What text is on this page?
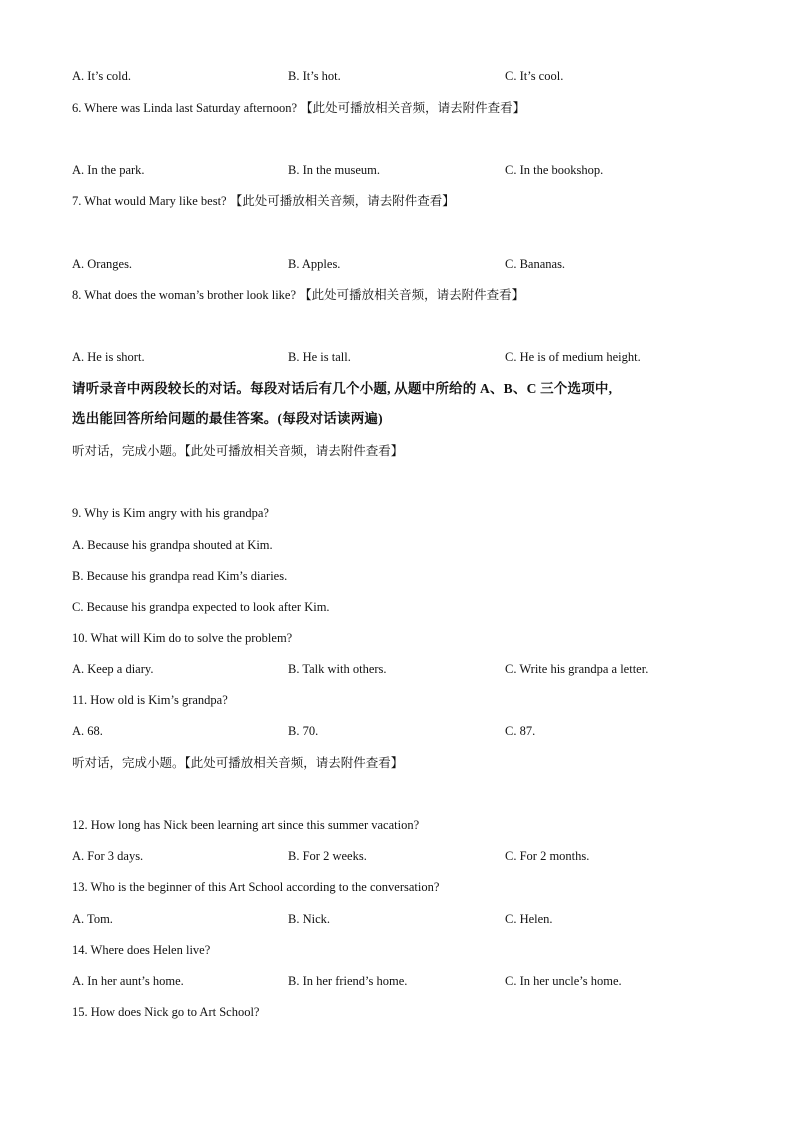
A. It’s cold.	B. It’s hot.	C. It’s cool.
6. Where was Linda last Saturday afternoon? 【此处可播放相关音频，请去附件查看】
A. In the park.	B. In the museum.	C. In the bookshop.
7. What would Mary like best? 【此处可播放相关音频，请去附件查看】
A. Oranges.	B. Apples.	C. Bananas.
8. What does the woman’s brother look like? 【此处可播放相关音频，请去附件查看】
A. He is short.	B. He is tall.	C. He is of medium height.
请听录音中两段较长的对话。每段对话后有几个小题, 从题中所给的 A、B、C 三个选项中,
选出能回答所给问题的最佳答案。(每段对话读两遍)
听对话，完成小题。【此处可播放相关音频，请去附件查看】
9. Why is Kim angry with his grandpa?
A. Because his grandpa shouted at Kim.
B. Because his grandpa read Kim’s diaries.
C. Because his grandpa expected to look after Kim.
10. What will Kim do to solve the problem?
A. Keep a diary.	B. Talk with others.	C. Write his grandpa a letter.
11. How old is Kim’s grandpa?
A. 68.	B. 70.	C. 87.
听对话，完成小题。【此处可播放相关音频，请去附件查看】
12. How long has Nick been learning art since this summer vacation?
A. For 3 days.	B. For 2 weeks.	C. For 2 months.
13. Who is the beginner of this Art School according to the conversation?
A. Tom.	B. Nick.	C. Helen.
14. Where does Helen live?
A. In her aunt’s home.	B. In her friend’s home.	C. In her uncle’s home.
15. How does Nick go to Art School?
